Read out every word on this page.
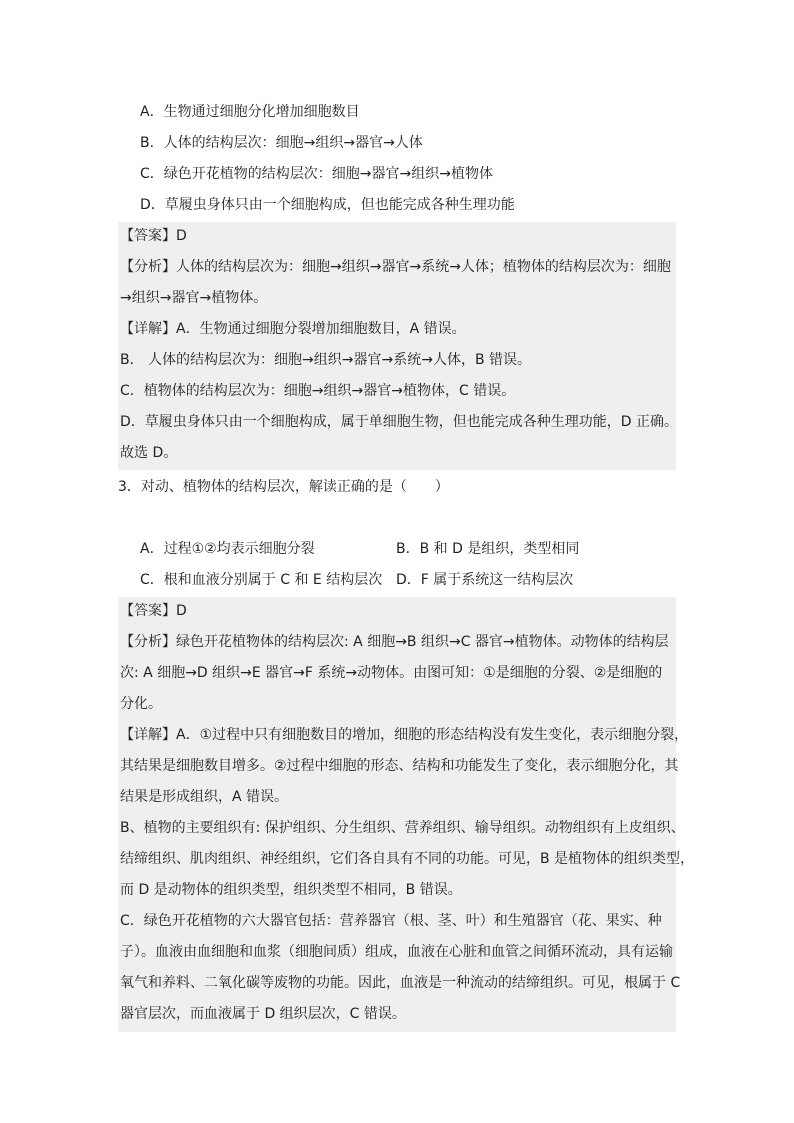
A．生物通过细胞分化增加细胞数目
B．人体的结构层次：细胞→组织→器官→人体
C．绿色开花植物的结构层次：细胞→器官→组织→植物体
D．草履虫身体只由一个细胞构成，但也能完成各种生理功能
【答案】D
【分析】人体的结构层次为：细胞→组织→器官→系统→人体；植物体的结构层次为：细胞
→组织→器官→植物体。
【详解】A．生物通过细胞分裂增加细胞数目，A 错误。
B． 人体的结构层次为：细胞→组织→器官→系统→人体，B 错误。
C．植物体的结构层次为：细胞→组织→器官→植物体，C 错误。
D．草履虫身体只由一个细胞构成，属于单细胞生物，但也能完成各种生理功能，D 正确。
故选 D。
3．对动、植物体的结构层次，解读正确的是（　　）
A．过程①②均表示细胞分裂	B．B 和 D 是组织，类型相同
C．根和血液分别属于 C 和 E 结构层次 D．F 属于系统这一结构层次
【答案】D
【分析】绿色开花植物体的结构层次: A 细胞→B 组织→C 器官→植物体。动物体的结构层
次: A 细胞→D 组织→E 器官→F 系统→动物体。由图可知：①是细胞的分裂、②是细胞的
分化。
【详解】A．①过程中只有细胞数目的增加，细胞的形态结构没有发生变化，表示细胞分裂，
其结果是细胞数目增多。②过程中细胞的形态、结构和功能发生了变化，表示细胞分化，其
结果是形成组织，A 错误。
B、植物的主要组织有: 保护组织、分生组织、营养组织、输导组织。动物组织有上皮组织、
结缔组织、肌肉组织、神经组织，它们各自具有不同的功能。可见，B 是植物体的组织类型，
而 D 是动物体的组织类型，组织类型不相同，B 错误。
C．绿色开花植物的六大器官包括：营养器官（根、茎、叶）和生殖器官（花、果实、种
子）。血液由血细胞和血浆（细胞间质）组成，血液在心脏和血管之间循环流动，具有运输
氧气和养料、二氧化碳等废物的功能。因此，血液是一种流动的结缔组织。可见，根属于 C
器官层次，而血液属于 D 组织层次，C 错误。
